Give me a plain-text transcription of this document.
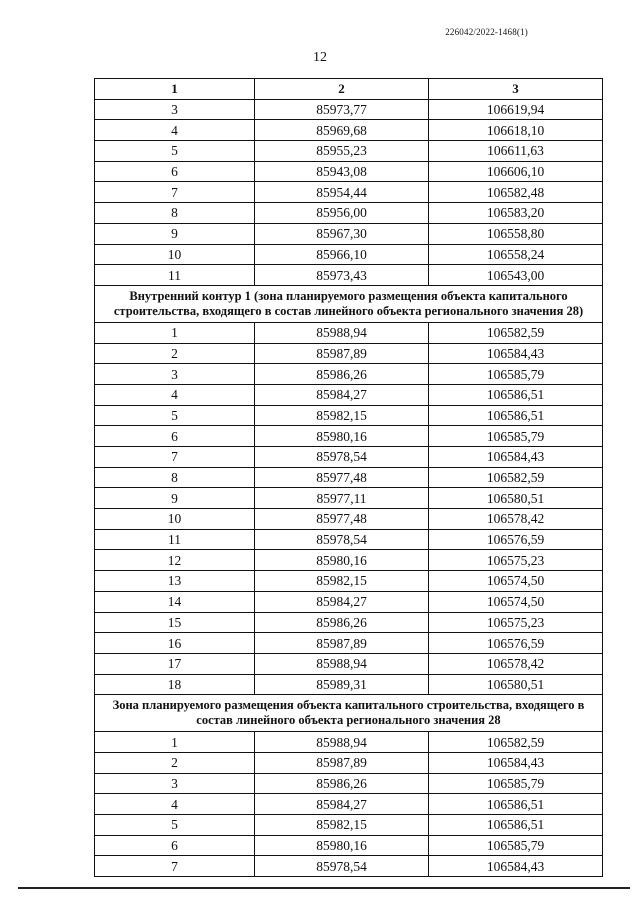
226042/2022-1468(1)
12
1	2	3
3	85973,77	106619,94
4	85969,68	106618,10
5	85955,23	106611,63
6	85943,08	106606,10
7	85954,44	106582,48
8	85956,00	106583,20
9	85967,30	106558,80
10	85966,10	106558,24
11	85973,43	106543,00
Внутренний контур 1 (зона планируемого размещения объекта капитального строительства, входящего в состав линейного объекта регионального значения 28)		
1	85988,94	106582,59
2	85987,89	106584,43
3	85986,26	106585,79
4	85984,27	106586,51
5	85982,15	106586,51
6	85980,16	106585,79
7	85978,54	106584,43
8	85977,48	106582,59
9	85977,11	106580,51
10	85977,48	106578,42
11	85978,54	106576,59
12	85980,16	106575,23
13	85982,15	106574,50
14	85984,27	106574,50
15	85986,26	106575,23
16	85987,89	106576,59
17	85988,94	106578,42
18	85989,31	106580,51
Зона планируемого размещения объекта капитального строительства, входящего в состав линейного объекта регионального значения 28		
1	85988,94	106582,59
2	85987,89	106584,43
3	85986,26	106585,79
4	85984,27	106586,51
5	85982,15	106586,51
6	85980,16	106585,79
7	85978,54	106584,43
